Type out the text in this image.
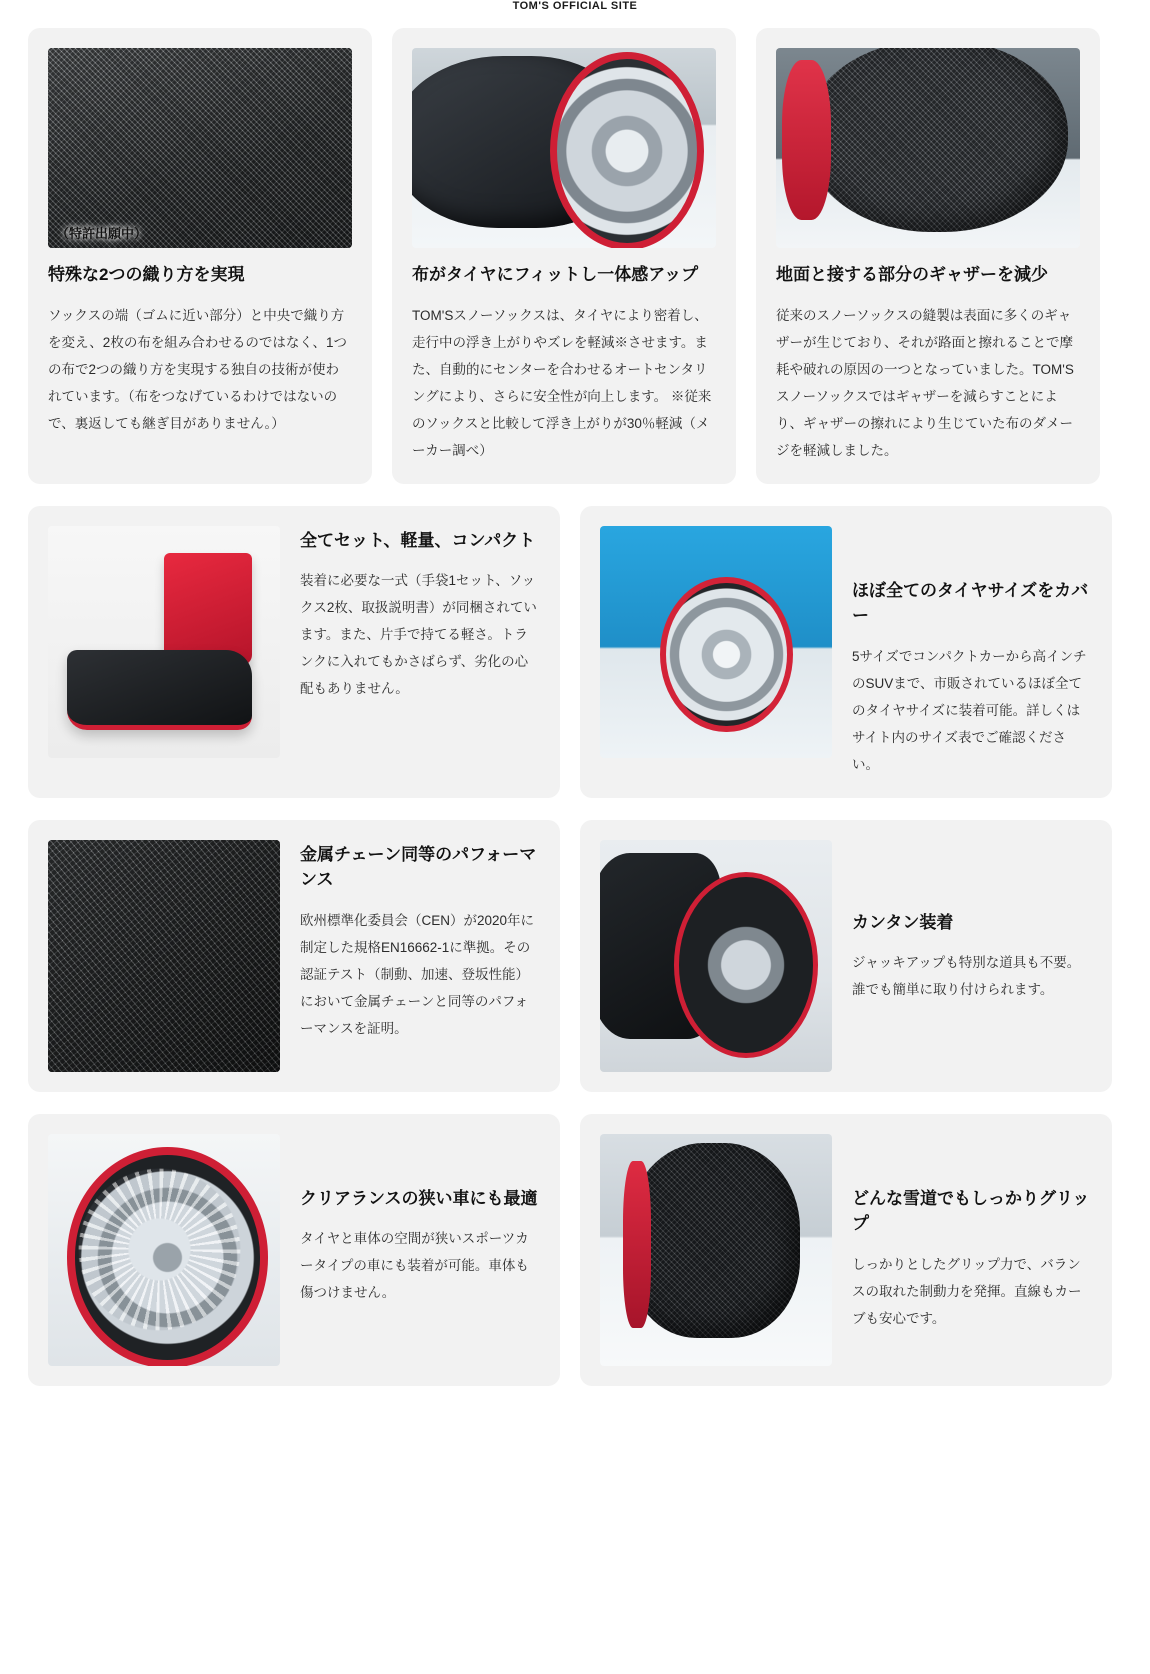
TOM'S OFFICIAL SITE
（特許出願中）
特殊な2つの織り方を実現

ソックスの端（ゴムに近い部分）と中央で織り方を変え、2枚の布を組み合わせるのではなく、1つの布で2つの織り方を実現する独自の技術が使われています。（布をつなげているわけではないので、裏返しても継ぎ目がありません。）

布がタイヤにフィットし一体感アップ

TOM'Sスノーソックスは、タイヤにより密着し、走行中の浮き上がりやズレを軽減※させます。また、自動的にセンターを合わせるオートセンタリングにより、さらに安全性が向上します。 ※従来のソックスと比較して浮き上がりが30％軽減（メーカー調べ）

地面と接する部分のギャザーを減少

従来のスノーソックスの縫製は表面に多くのギャザーが生じており、それが路面と擦れることで摩耗や破れの原因の一つとなっていました。TOM'S スノーソックスではギャザーを減らすことにより、ギャザーの擦れにより生じていた布のダメージを軽減しました。

全てセット、軽量、コンパクト

装着に必要な一式（手袋1セット、ソックス2枚、取扱説明書）が同梱されています。また、片手で持てる軽さ。トランクに入れてもかさばらず、劣化の心配もありません。

ほぼ全てのタイヤサイズをカバー

5サイズでコンパクトカーから高インチのSUVまで、市販されているほぼ全てのタイヤサイズに装着可能。詳しくはサイト内のサイズ表でご確認ください。

金属チェーン同等のパフォーマンス

欧州標準化委員会（CEN）が2020年に制定した規格EN16662-1に準拠。その認証テスト（制動、加速、登坂性能）において金属チェーンと同等のパフォーマンスを証明。

カンタン装着

ジャッキアップも特別な道具も不要。 誰でも簡単に取り付けられます。

クリアランスの狭い車にも最適

タイヤと車体の空間が狭いスポーツカータイプの車にも装着が可能。車体も傷つけません。

どんな雪道でもしっかりグリップ

しっかりとしたグリップ力で、バランスの取れた制動力を発揮。直線もカーブも安心です。
